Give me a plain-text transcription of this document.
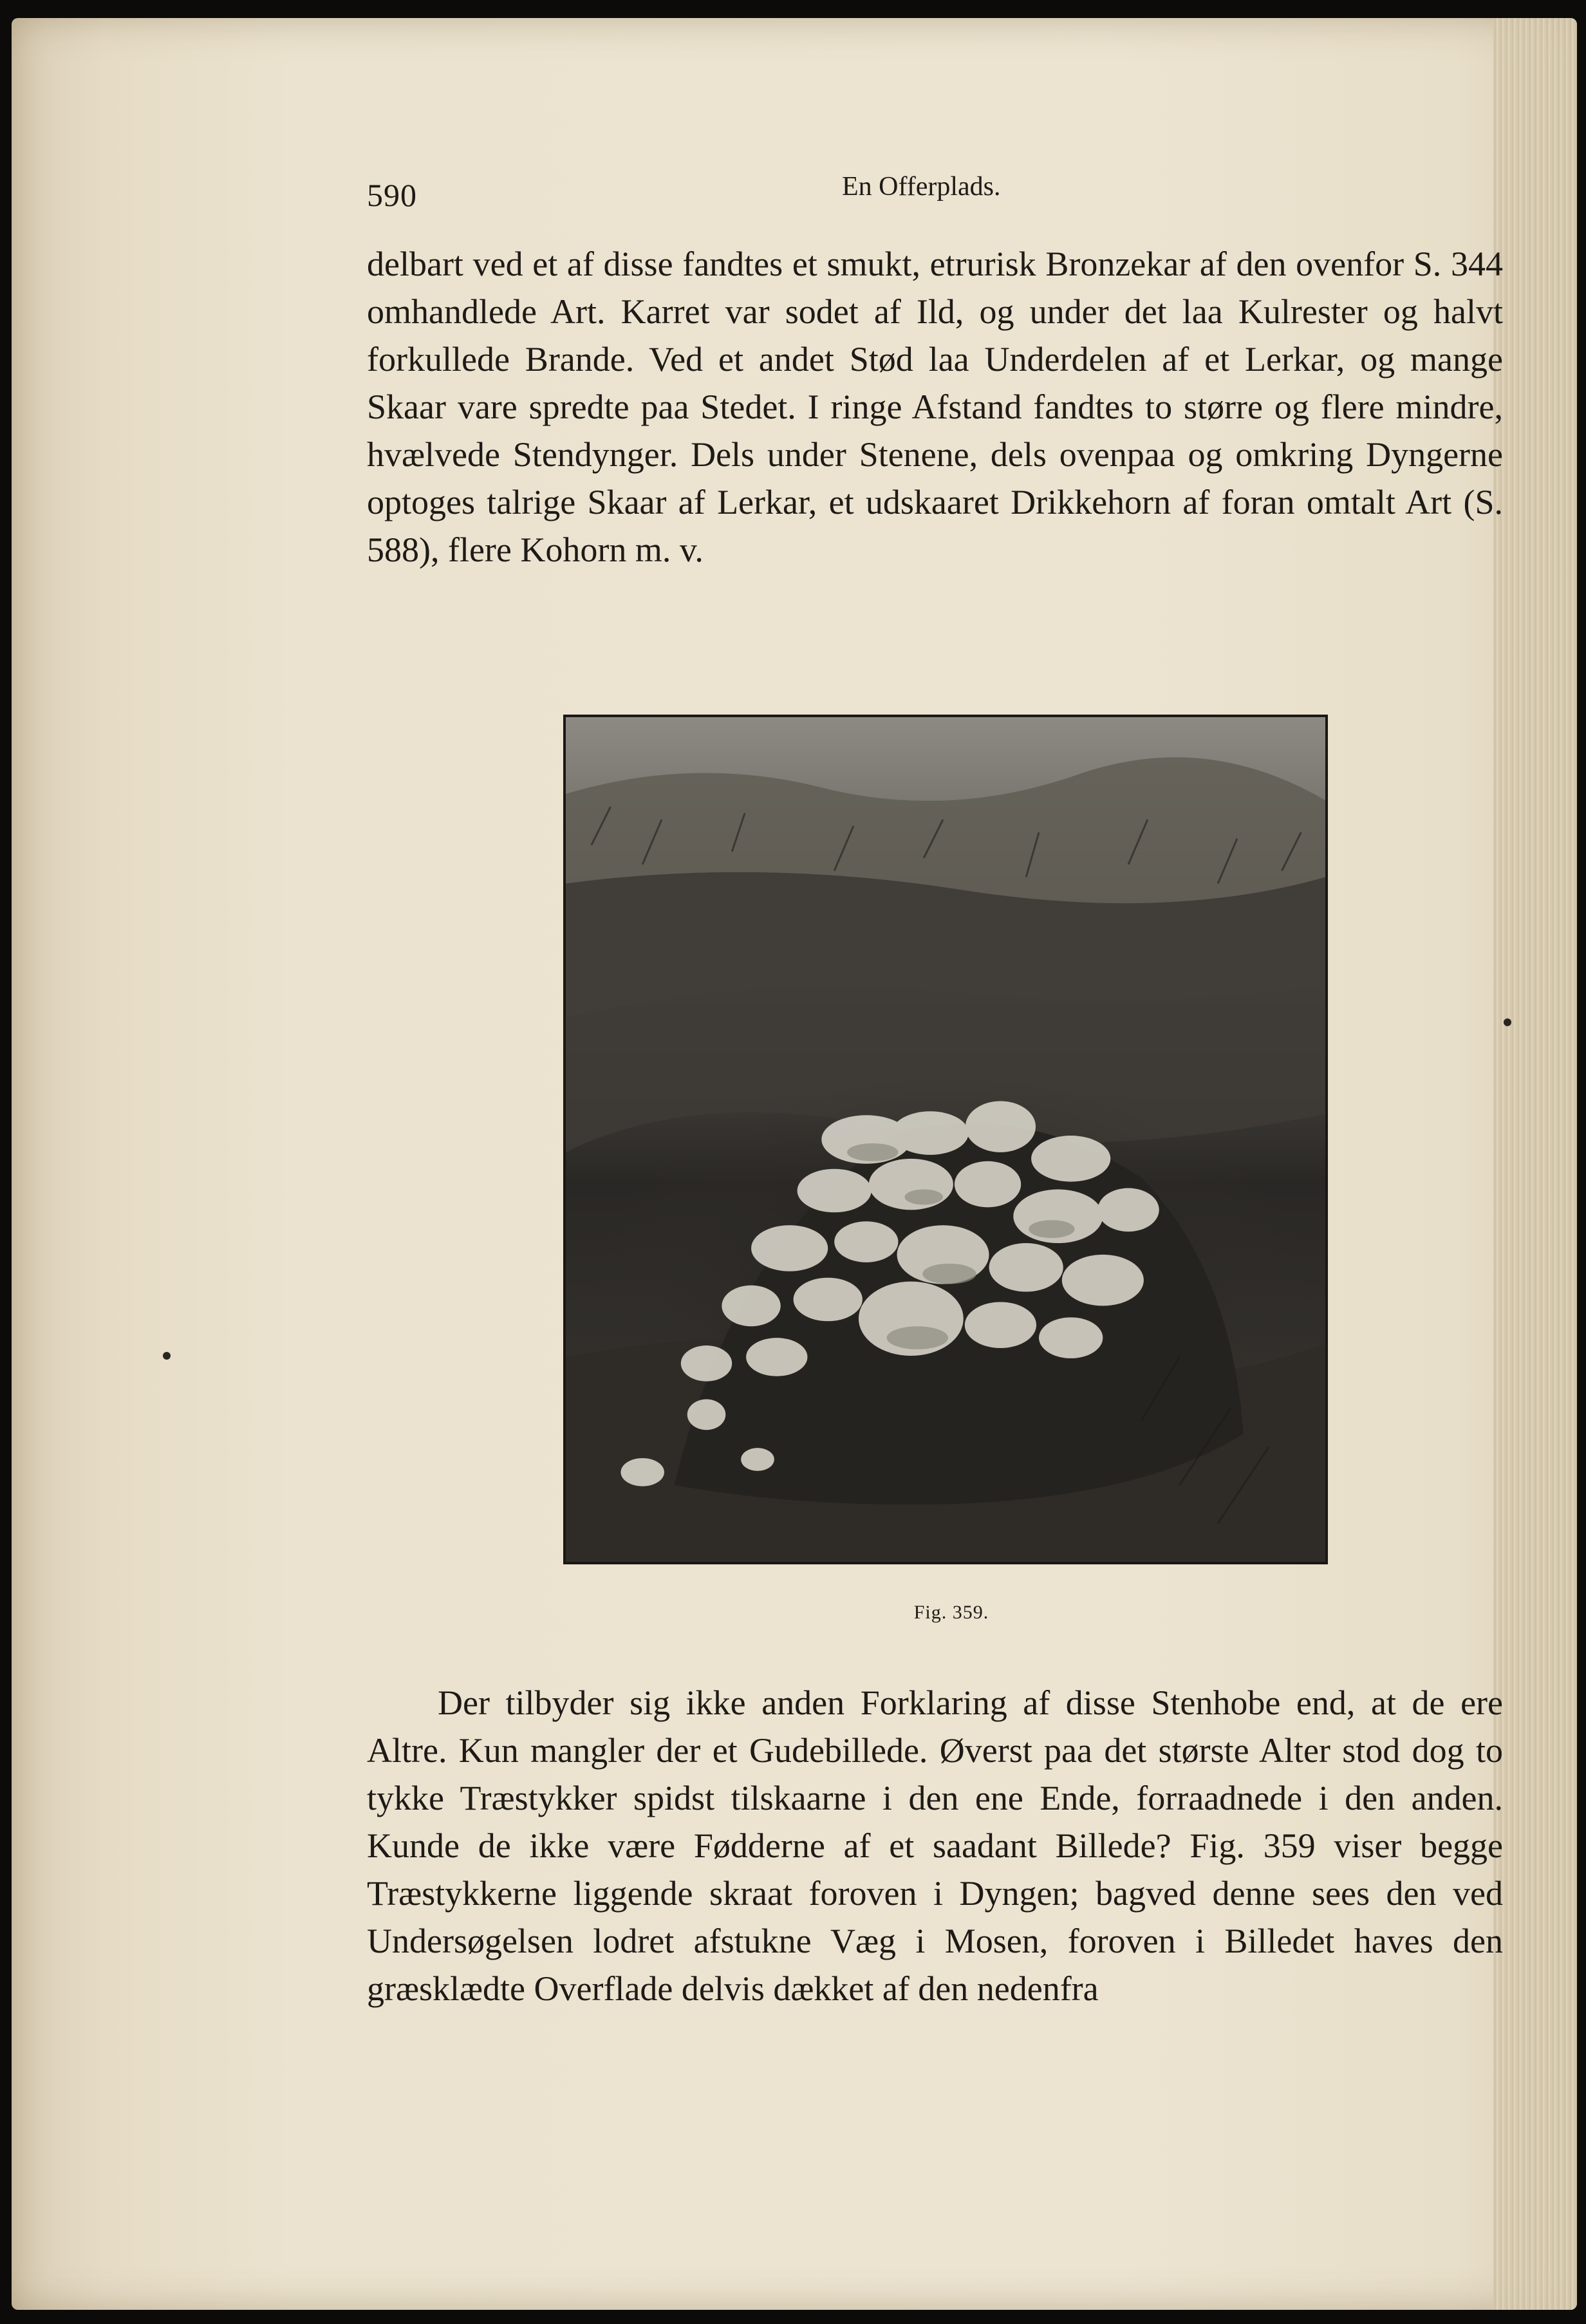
590	En Offerplads.

delbart ved et af disse fandtes et smukt, etrurisk Bronzekar af den ovenfor S. 344 omhandlede Art. Karret var sodet af Ild, og under det laa Kulrester og halvt forkullede Brande. Ved et andet Stød laa Underdelen af et Lerkar, og mange Skaar vare spredte paa Stedet. I ringe Afstand fandtes to større og flere mindre, hvælvede Stendynger. Dels under Stenene, dels ovenpaa og omkring Dyngerne optoges talrige Skaar af Lerkar, et udskaaret Drikkehorn af foran omtalt Art (S. 588), flere Kohorn m. v.

Fig. 359.

Der tilbyder sig ikke anden Forklaring af disse Stenhobe end, at de ere Altre. Kun mangler der et Gudebillede. Øverst paa det største Alter stod dog to tykke Træstykker spidst tilskaarne i den ene Ende, forraadnede i den anden. Kunde de ikke være Fødderne af et saadant Billede? Fig. 359 viser begge Træstykkerne liggende skraat foroven i Dyngen; bagved denne sees den ved Undersøgelsen lodret afstukne Væg i Mosen, foroven i Billedet haves den græsklædte Overflade delvis dækket af den nedenfra
